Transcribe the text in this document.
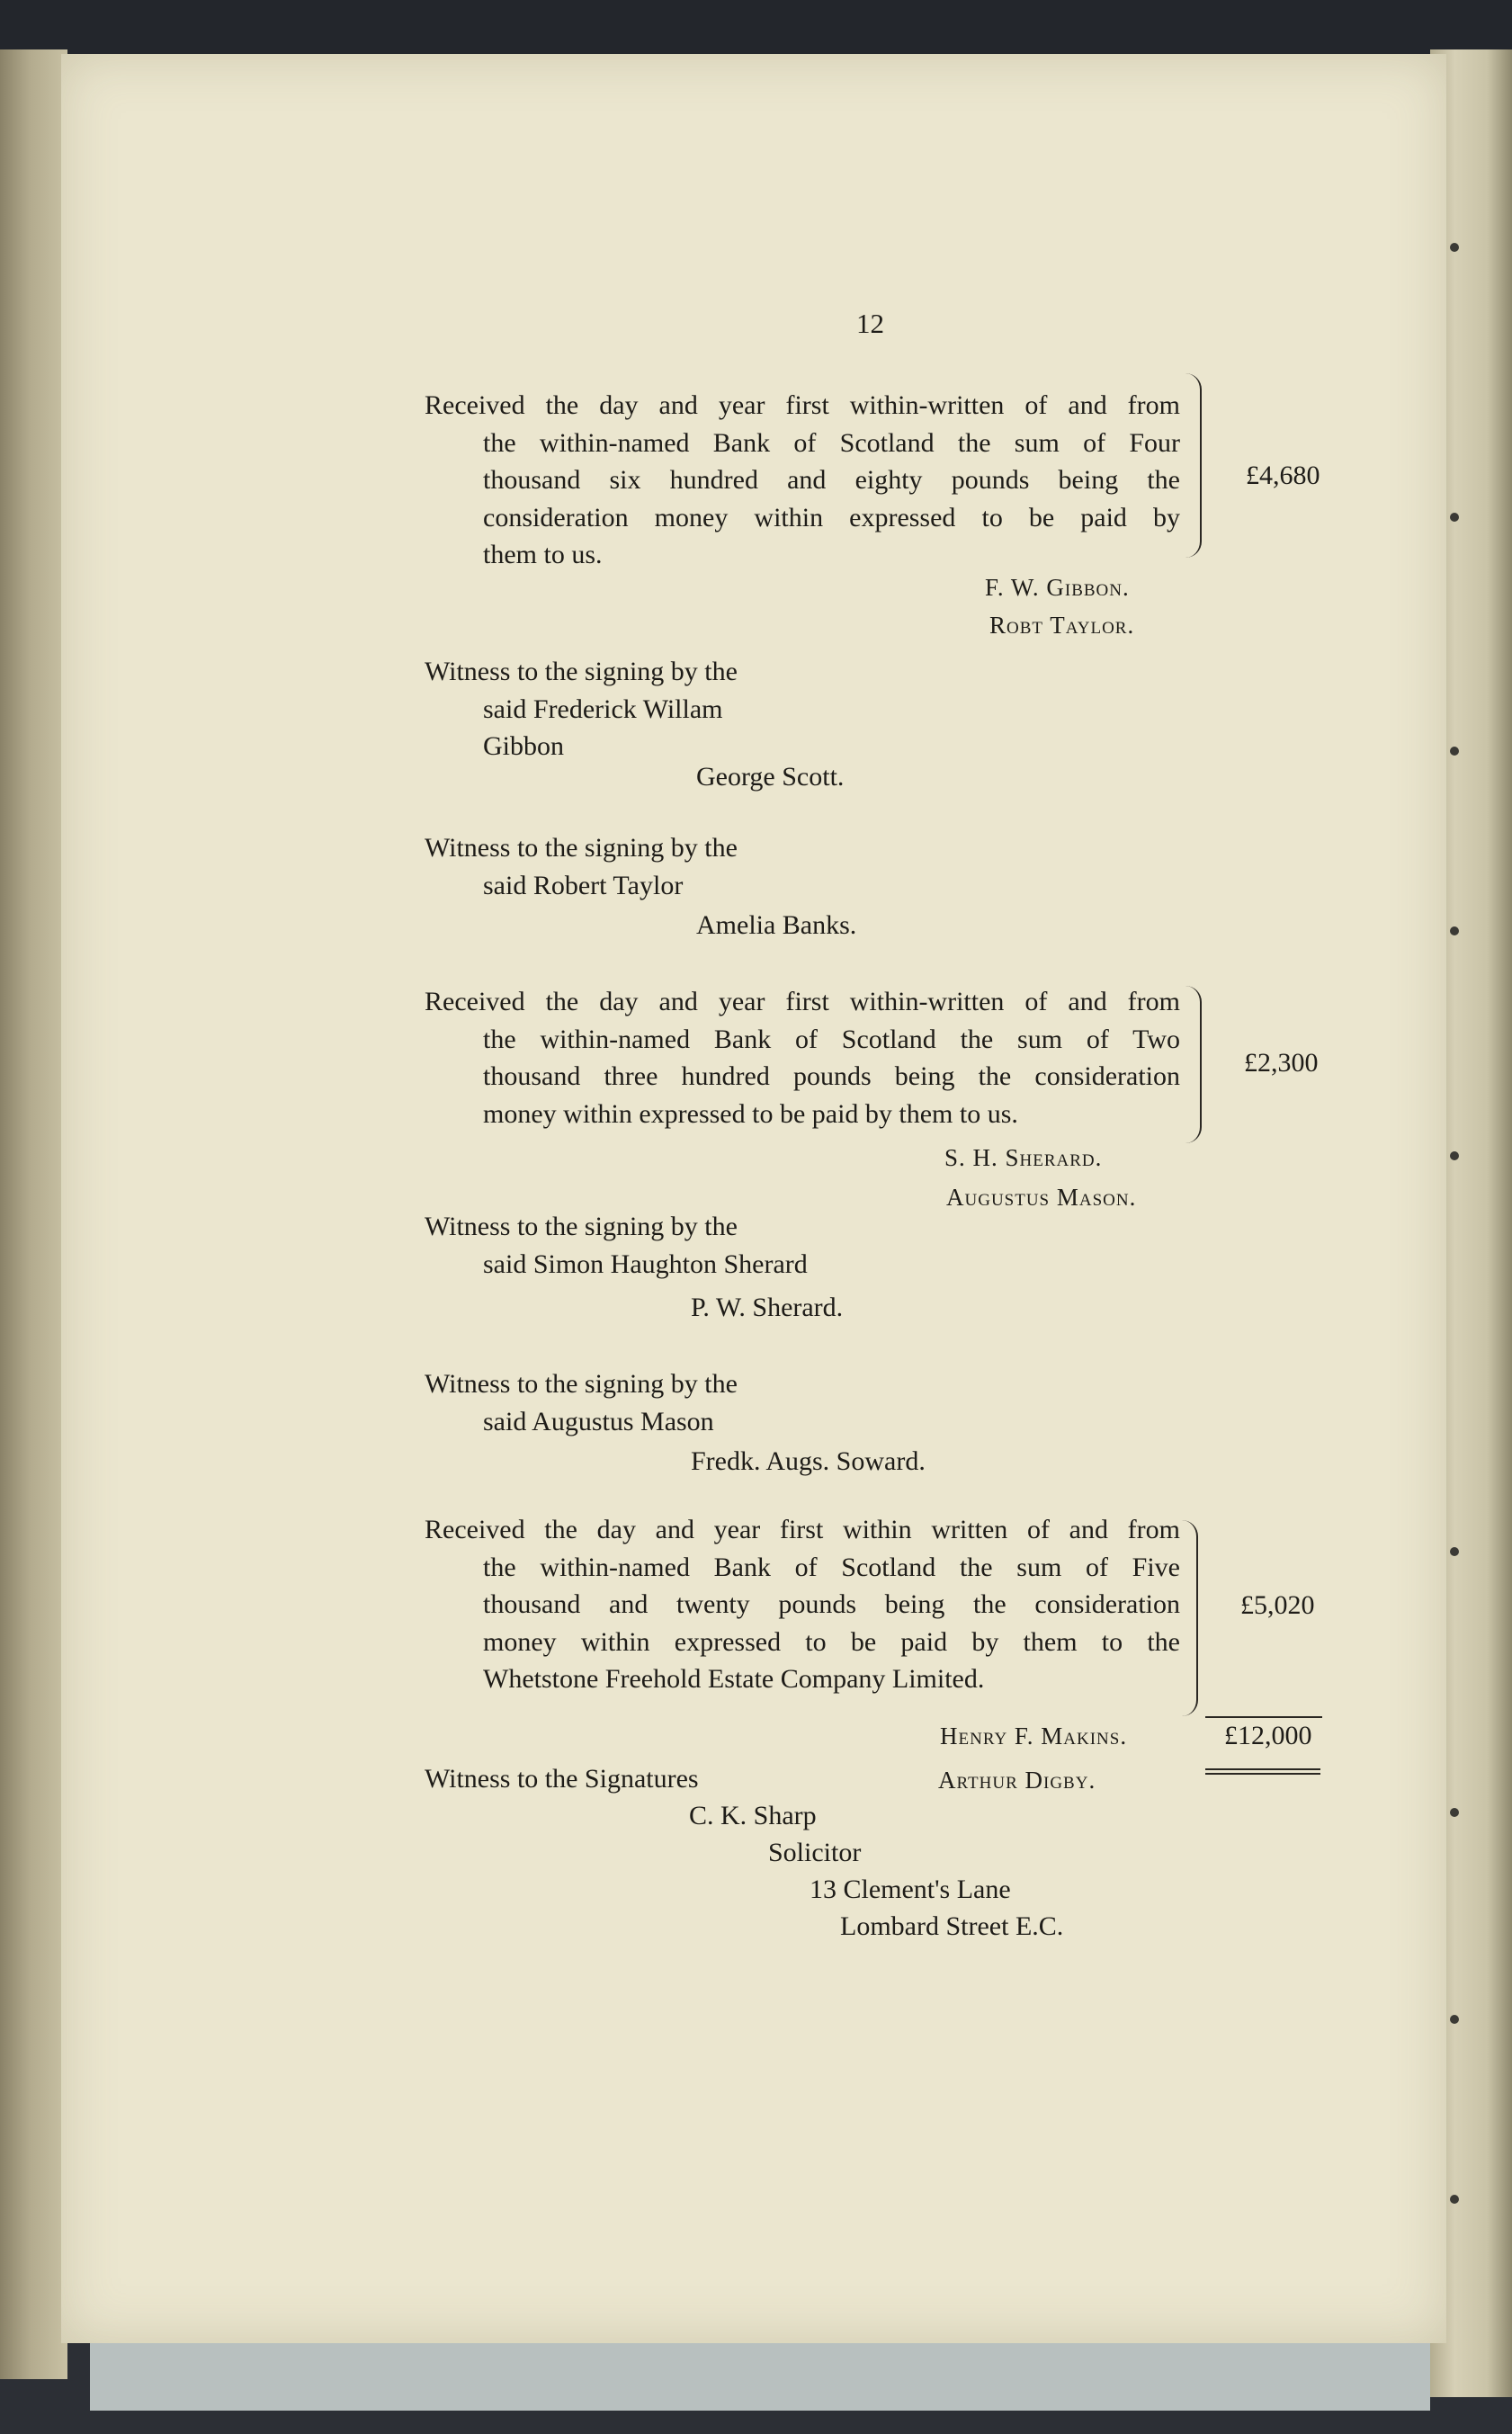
12
Received the day and year first within-written of and from
the within-named Bank of Scotland the sum of Four
thousand six hundred and eighty pounds being the
consideration money within expressed to be paid by
them to us.
£4,680
F. W. Gibbon.
Robt Taylor.
Witness to the signing by the
said Frederick Willam
Gibbon
George Scott.
Witness to the signing by the
said Robert Taylor
Amelia Banks.
Received the day and year first within-written of and from
the within-named Bank of Scotland the sum of Two
thousand three hundred pounds being the consideration
money within expressed to be paid by them to us.
£2,300
S. H. Sherard.
Augustus Mason.
Witness to the signing by the
said Simon Haughton Sherard
P. W. Sherard.
Witness to the signing by the
said Augustus Mason
Fredk. Augs. Soward.
Received the day and year first within written of and from
the within-named Bank of Scotland the sum of Five
thousand and twenty pounds being the consideration
money within expressed to be paid by them to the
Whetstone Freehold Estate Company Limited.
£5,020
Henry F. Makins.	£12,000
Arthur Digby.
Witness to the Signatures
C. K. Sharp
Solicitor
13 Clement's Lane
Lombard Street E.C.
